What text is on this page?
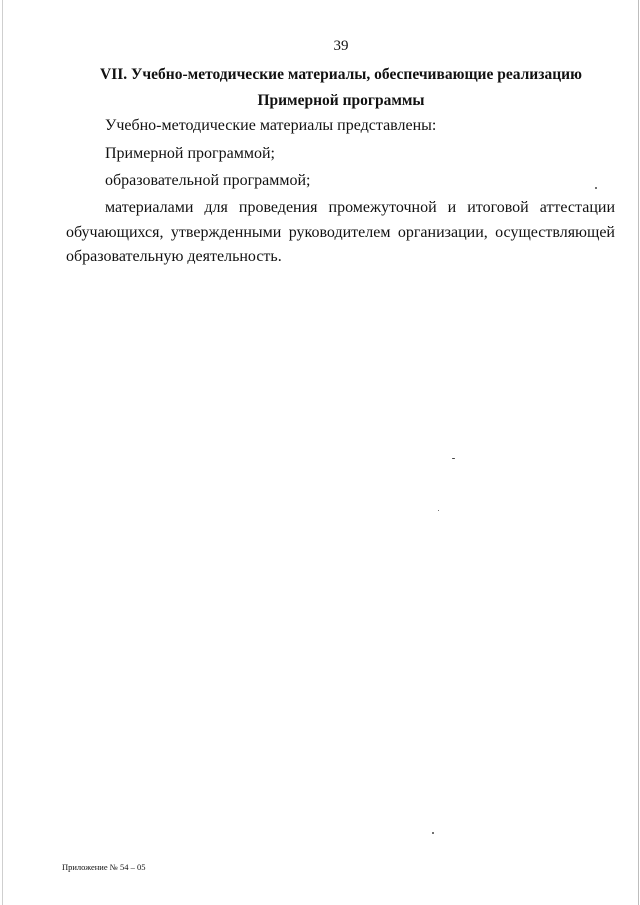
39
VII. Учебно-методические материалы, обеспечивающие реализацию
Примерной программы
Учебно-методические материалы представлены:
Примерной программой;
образовательной программой;
материалами для проведения промежуточной и итоговой аттестации
обучающихся, утвержденными руководителем организации, осуществляющей
образовательную деятельность.
Приложение № 54 – 05
